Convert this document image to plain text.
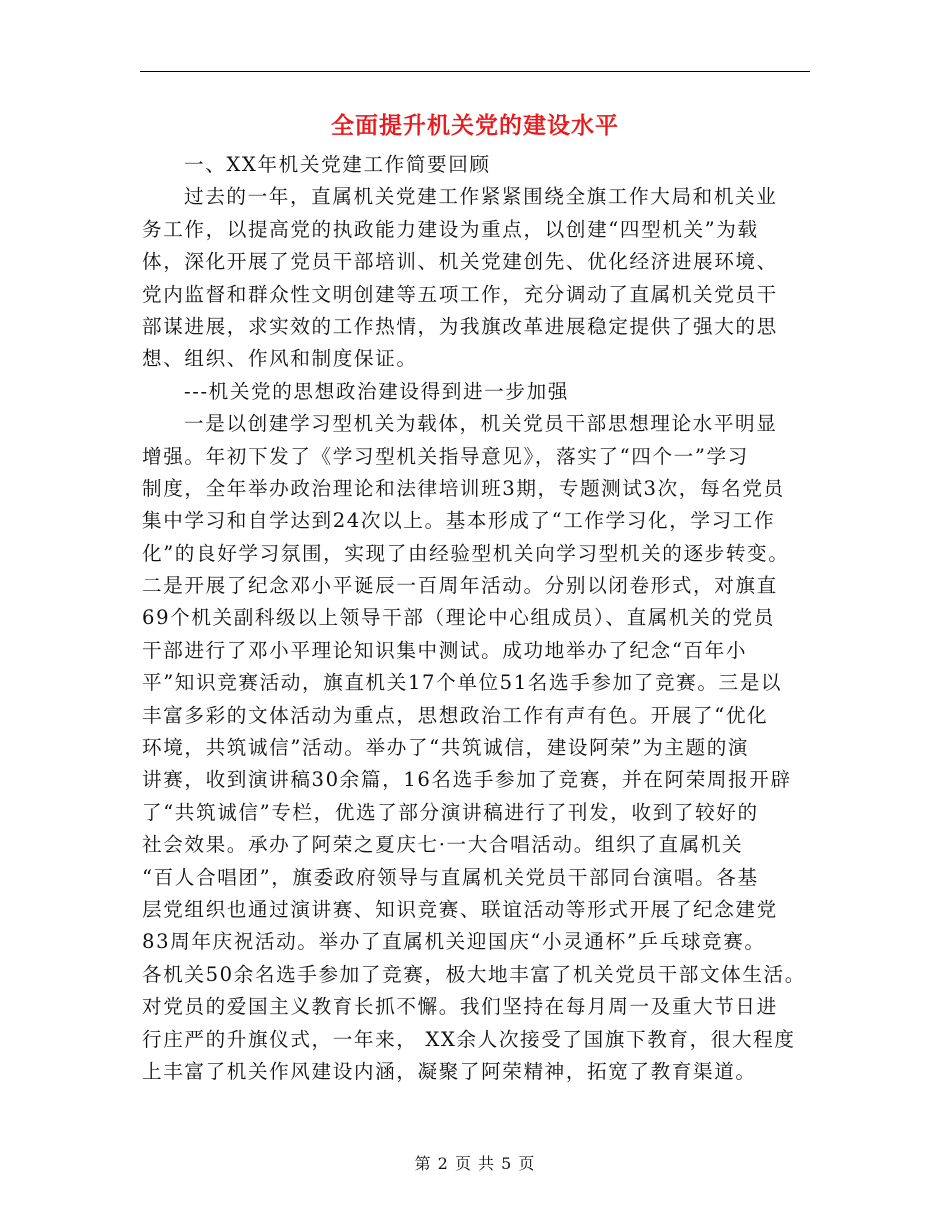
全面提升机关党的建设水平
一、XX年机关党建工作简要回顾
过去的一年，直属机关党建工作紧紧围绕全旗工作大局和机关业
务工作，以提高党的执政能力建设为重点，以创建“四型机关”为载
体，深化开展了党员干部培训、机关党建创先、优化经济进展环境、
党内监督和群众性文明创建等五项工作，充分调动了直属机关党员干
部谋进展，求实效的工作热情，为我旗改革进展稳定提供了强大的思
想、组织、作风和制度保证。
---机关党的思想政治建设得到进一步加强
一是以创建学习型机关为载体，机关党员干部思想理论水平明显
增强。年初下发了《学习型机关指导意见》，落实了“四个一”学习
制度，全年举办政治理论和法律培训班3期，专题测试3次，每名党员
集中学习和自学达到24次以上。基本形成了“工作学习化，学习工作
化”的良好学习氛围，实现了由经验型机关向学习型机关的逐步转变。
二是开展了纪念邓小平诞辰一百周年活动。分别以闭卷形式，对旗直
69个机关副科级以上领导干部（理论中心组成员）、直属机关的党员
干部进行了邓小平理论知识集中测试。成功地举办了纪念“百年小
平”知识竞赛活动，旗直机关17个单位51名选手参加了竞赛。三是以
丰富多彩的文体活动为重点，思想政治工作有声有色。开展了“优化
环境，共筑诚信”活动。举办了“共筑诚信，建设阿荣”为主题的演
讲赛，收到演讲稿30余篇，16名选手参加了竞赛，并在阿荣周报开辟
了“共筑诚信”专栏，优选了部分演讲稿进行了刊发，收到了较好的
社会效果。承办了阿荣之夏庆七·一大合唱活动。组织了直属机关
“百人合唱团”，旗委政府领导与直属机关党员干部同台演唱。各基
层党组织也通过演讲赛、知识竞赛、联谊活动等形式开展了纪念建党
83周年庆祝活动。举办了直属机关迎国庆“小灵通杯”乒乓球竞赛。
各机关50余名选手参加了竞赛，极大地丰富了机关党员干部文体生活。
对党员的爱国主义教育长抓不懈。我们坚持在每月周一及重大节日进
行庄严的升旗仪式，一年来， XX余人次接受了国旗下教育，很大程度
上丰富了机关作风建设内涵，凝聚了阿荣精神，拓宽了教育渠道。
第 2 页 共 5 页
